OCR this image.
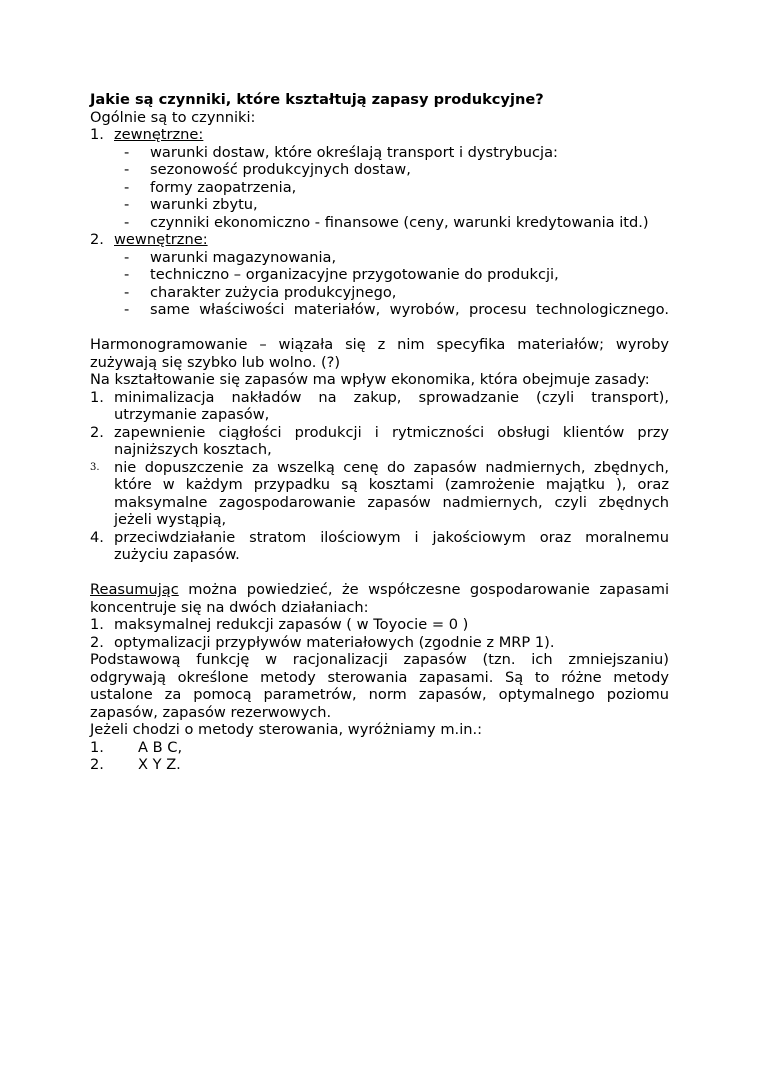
Jakie są czynniki, które kształtują zapasy produkcyjne?
Ogólnie są to czynniki:
1. zewnętrzne:
-	warunki dostaw, które określają transport i dystrybucja:
-	sezonowość produkcyjnych dostaw,
-	formy zaopatrzenia,
-	warunki zbytu,
-	czynniki ekonomiczno - finansowe (ceny, warunki kredytowania itd.)
2. wewnętrzne:
-	warunki magazynowania,
-	techniczno – organizacyjne przygotowanie do produkcji,
-	charakter zużycia produkcyjnego,
-	same właściwości materiałów, wyrobów, procesu technologicznego.
Harmonogramowanie – wiązała się z nim specyfika materiałów; wyroby zużywają się szybko lub wolno. (?)
Na kształtowanie się zapasów ma wpływ ekonomika, która obejmuje zasady:
1. minimalizacja nakładów na zakup, sprowadzanie (czyli transport), utrzymanie zapasów,
2. zapewnienie ciągłości produkcji i rytmiczności obsługi klientów przy najniższych kosztach,
3. nie dopuszczenie za wszelką cenę do zapasów nadmiernych, zbędnych, które w każdym przypadku są kosztami (zamrożenie majątku ), oraz maksymalne zagospodarowanie zapasów nadmiernych, czyli zbędnych jeżeli wystąpią,
4. przeciwdziałanie stratom ilościowym i jakościowym oraz moralnemu zużyciu zapasów.
Reasumując można powiedzieć, że współczesne gospodarowanie zapasami koncentruje się na dwóch działaniach:
1. maksymalnej redukcji zapasów ( w Toyocie = 0 )
2. optymalizacji przypływów materiałowych (zgodnie z MRP 1).
Podstawową funkcję w racjonalizacji zapasów (tzn. ich zmniejszaniu) odgrywają określone metody sterowania zapasami. Są to różne metody ustalone za pomocą parametrów, norm zapasów, optymalnego poziomu zapasów, zapasów rezerwowych.
Jeżeli chodzi o metody sterowania, wyróżniamy m.in.:
1.	A B C,
2.	X Y Z.
